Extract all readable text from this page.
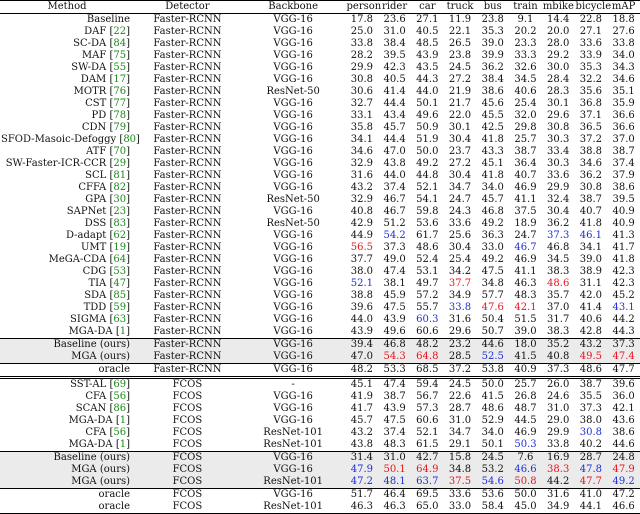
Method	Detector	Backbone	person	rider	car	truck	bus	train	mbike	bicycle	mAP
Baseline	Faster-RCNN	VGG-16	17.8	23.6	27.1	11.9	23.8	9.1	14.4	22.8	18.8
DAF [22]	Faster-RCNN	VGG-16	25.0	31.0	40.5	22.1	35.3	20.2	20.0	27.1	27.6
SC-DA [84]	Faster-RCNN	VGG-16	33.8	38.4	48.5	26.5	39.0	23.3	28.0	33.6	33.8
MAF [75]	Faster-RCNN	VGG-16	28.2	39.5	43.9	23.8	39.9	33.3	29.2	33.9	34.0
SW-DA [55]	Faster-RCNN	VGG-16	29.9	42.3	43.5	24.5	36.2	32.6	30.0	35.3	34.3
DAM [17]	Faster-RCNN	VGG-16	30.8	40.5	44.3	27.2	38.4	34.5	28.4	32.2	34.6
MOTR [76]	Faster-RCNN	ResNet-50	30.6	41.4	44.0	21.9	38.6	40.6	28.3	35.6	35.1
CST [77]	Faster-RCNN	VGG-16	32.7	44.4	50.1	21.7	45.6	25.4	30.1	36.8	35.9
PD [78]	Faster-RCNN	VGG-16	33.1	43.4	49.6	22.0	45.5	32.0	29.6	37.1	36.6
CDN [79]	Faster-RCNN	VGG-16	35.8	45.7	50.9	30.1	42.5	29.8	30.8	36.5	36.6
SFOD-Masoic-Defoggy [80]	Faster-RCNN	VGG-16	34.1	44.4	51.9	30.4	41.8	25.7	30.3	37.2	37.0
ATF [70]	Faster-RCNN	VGG-16	34.6	47.0	50.0	23.7	43.3	38.7	33.4	38.8	38.7
SW-Faster-ICR-CCR [29]	Faster-RCNN	VGG-16	32.9	43.8	49.2	27.2	45.1	36.4	30.3	34.6	37.4
SCL [81]	Faster-RCNN	VGG-16	31.6	44.0	44.8	30.4	41.8	40.7	33.6	36.2	37.9
CFFA [82]	Faster-RCNN	VGG-16	43.2	37.4	52.1	34.7	34.0	46.9	29.9	30.8	38.6
GPA [30]	Faster-RCNN	ResNet-50	32.9	46.7	54.1	24.7	45.7	41.1	32.4	38.7	39.5
SAPNet [23]	Faster-RCNN	VGG-16	40.8	46.7	59.8	24.3	46.8	37.5	30.4	40.7	40.9
DSS [83]	Faster-RCNN	ResNet-50	42.9	51.2	53.6	33.6	49.2	18.9	36.2	41.8	40.9
D-adapt [62]	Faster-RCNN	VGG-16	44.9	54.2	61.7	25.6	36.3	24.7	37.3	46.1	41.3
UMT [19]	Faster-RCNN	VGG-16	56.5	37.3	48.6	30.4	33.0	46.7	46.8	34.1	41.7
MeGA-CDA [64]	Faster-RCNN	VGG-16	37.7	49.0	52.4	25.4	49.2	46.9	34.5	39.0	41.8
CDG [53]	Faster-RCNN	VGG-16	38.0	47.4	53.1	34.2	47.5	41.1	38.3	38.9	42.3
TIA [47]	Faster-RCNN	VGG-16	52.1	38.1	49.7	37.7	34.8	46.3	48.6	31.1	42.3
SDA [85]	Faster-RCNN	VGG-16	38.8	45.9	57.2	34.9	57.7	48.3	35.7	42.0	45.2
TDD [59]	Faster-RCNN	VGG-16	39.6	47.5	55.7	33.8	47.6	42.1	37.0	41.4	43.1
SIGMA [63]	Faster-RCNN	VGG-16	44.0	43.9	60.3	31.6	50.4	51.5	31.7	40.6	44.2
MGA-DA [1]	Faster-RCNN	VGG-16	43.9	49.6	60.6	29.6	50.7	39.0	38.3	42.8	44.3
Baseline (ours)	Faster-RCNN	VGG-16	39.4	46.8	48.2	23.2	44.6	18.0	35.2	43.2	37.3
MGA (ours)	Faster-RCNN	VGG-16	47.0	54.3	64.8	28.5	52.5	41.5	40.8	49.5	47.4
oracle	Faster-RCNN	VGG-16	48.2	53.3	68.5	37.2	53.8	40.9	37.3	48.6	47.7
SST-AL [69]	FCOS	-	45.1	47.4	59.4	24.5	50.0	25.7	26.0	38.7	39.6
CFA [56]	FCOS	VGG-16	41.9	38.7	56.7	22.6	41.5	26.8	24.6	35.5	36.0
SCAN [86]	FCOS	VGG-16	41.7	43.9	57.3	28.7	48.6	48.7	31.0	37.3	42.1
MGA-DA [1]	FCOS	VGG-16	45.7	47.5	60.6	31.0	52.9	44.5	29.0	38.0	43.6
CFA [56]	FCOS	ResNet-101	43.2	37.4	52.1	34.7	34.0	46.9	29.9	30.8	38.6
MGA-DA [1]	FCOS	ResNet-101	43.8	48.3	61.5	29.1	50.1	50.3	33.8	40.2	44.6
Baseline (ours)	FCOS	VGG-16	31.4	31.0	42.7	15.8	24.5	7.6	16.9	28.7	24.8
MGA (ours)	FCOS	VGG-16	47.9	50.1	64.9	34.8	53.2	46.6	38.3	47.8	47.9
MGA (ours)	FCOS	ResNet-101	47.2	48.1	63.7	37.5	54.6	50.8	44.2	47.7	49.2
oracle	FCOS	VGG-16	51.7	46.4	69.5	33.6	53.6	50.0	31.6	41.0	47.2
oracle	FCOS	ResNet-101	46.3	46.3	65.0	33.0	58.4	45.0	34.9	44.1	46.6
